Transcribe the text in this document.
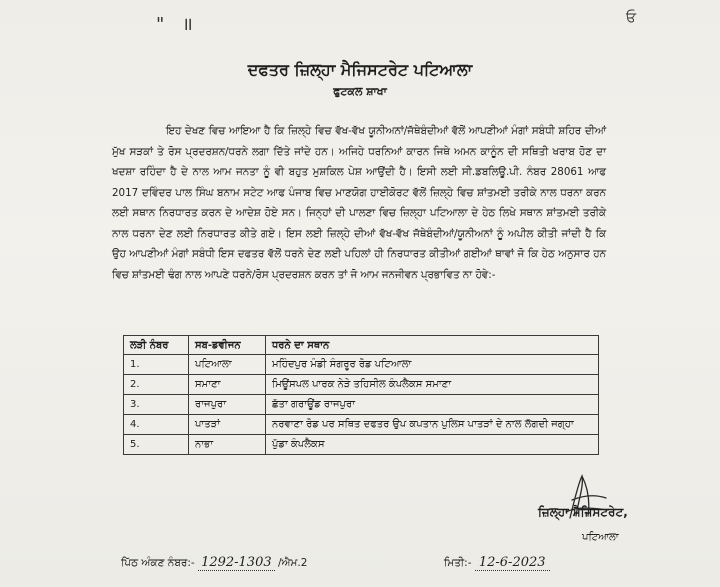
" ॥	ਓ
ਦਫਤਰ ਜ਼ਿਲ੍ਹਾ ਮੈਜਿਸਟਰੇਟ ਪਟਿਆਲਾ
ਫੁਟਕਲ ਸ਼ਾਖਾ
ਇਹ ਦੇਖਣ ਵਿਚ ਆਇਆ ਹੈ ਕਿ ਜ਼ਿਲ੍ਹੇ ਵਿਚ ਵੱਖ-ਵੱਖ ਯੂਨੀਅਨਾਂ/ਜੱਥੇਬੰਦੀਆਂ ਵੱਲੋਂ ਆਪਣੀਆਂ ਮੰਗਾਂ ਸਬੰਧੀ ਸ਼ਹਿਰ ਦੀਆਂ ਮੁੱਖ ਸੜਕਾਂ ਤੇ ਰੋਸ ਪ੍ਰਦਰਸ਼ਨ/ਧਰਨੇ ਲਗਾ ਦਿੱਤੇ ਜਾਂਦੇ ਹਨ। ਅਜਿਹੇ ਧਰਨਿਆਂ ਕਾਰਨ ਜਿਥੇ ਅਮਨ ਕਾਨੂੰਨ ਦੀ ਸਥਿਤੀ ਖਰਾਬ ਹੋਣ ਦਾ ਖਦਸ਼ਾ ਰਹਿੰਦਾ ਹੈ ਦੇ ਨਾਲ ਆਮ ਜਨਤਾ ਨੂੰ ਵੀ ਬਹੁਤ ਮੁਸ਼ਕਿਲ ਪੇਸ਼ ਆਉਂਦੀ ਹੈ। ਇਸੀ ਲਈ ਸੀ.ਡਬਲਿਊ.ਪੀ. ਨੰਬਰ 28061 ਆਫ 2017 ਦਵਿੰਦਰ ਪਾਲ ਸਿੰਘ ਬਨਾਮ ਸਟੇਟ ਆਫ ਪੰਜਾਬ ਵਿਚ ਮਾਣਯੋਗ ਹਾਈਕੋਰਟ ਵੱਲੋਂ ਜ਼ਿਲ੍ਹੇ ਵਿਚ ਸ਼ਾਂਤਮਈ ਤਰੀਕੇ ਨਾਲ ਧਰਨਾ ਕਰਨ ਲਈ ਸਥਾਨ ਨਿਰਧਾਰਤ ਕਰਨ ਦੇ ਆਦੇਸ਼ ਹੋਏ ਸਨ। ਜਿਨ੍ਹਾਂ ਦੀ ਪਾਲਣਾ ਵਿਚ ਜ਼ਿਲ੍ਹਾ ਪਟਿਆਲਾ ਦੇ ਹੇਠ ਲਿਖੇ ਸਥਾਨ ਸ਼ਾਂਤਮਈ ਤਰੀਕੇ ਨਾਲ ਧਰਨਾ ਦੇਣ ਲਈ ਨਿਰਧਾਰਤ ਕੀਤੇ ਗਏ। ਇਸ ਲਈ ਜ਼ਿਲ੍ਹੇ ਦੀਆਂ ਵੱਖ-ਵੱਖ ਜੱਥੇਬੰਦੀਆਂ/ਯੂਨੀਅਨਾਂ ਨੂੰ ਅਪੀਲ ਕੀਤੀ ਜਾਂਦੀ ਹੈ ਕਿ ਉਹ ਆਪਣੀਆਂ ਮੰਗਾਂ ਸਬੰਧੀ ਇਸ ਦਫਤਰ ਵੱਲੋਂ ਧਰਨੇ ਦੇਣ ਲਈ ਪਹਿਲਾਂ ਹੀ ਨਿਰਧਾਰਤ ਕੀਤੀਆਂ ਗਈਆਂ ਥਾਵਾਂ ਜੋ ਕਿ ਹੇਠ ਅਨੁਸਾਰ ਹਨ ਵਿਚ ਸ਼ਾਂਤਮਈ ਢੰਗ ਨਾਲ ਆਪਣੇ ਧਰਨੇ/ਰੋਸ ਪ੍ਰਦਰਸ਼ਨ ਕਰਨ ਤਾਂ ਜੋ ਆਮ ਜਨਜੀਵਨ ਪ੍ਰਭਾਵਿਤ ਨਾ ਹੋਵੇ:-
ਲੜੀ ਨੰਬਰ	ਸਬ-ਡਵੀਜਨ	ਧਰਨੇ ਦਾ ਸਥਾਨ
1.	ਪਟਿਆਲਾ	ਮਹਿੰਦਪੁਰ ਮੰਡੀ ਸੰਗਰੂਰ ਰੋਡ ਪਟਿਆਲਾ
2.	ਸਮਾਣਾ	ਮਿਊਂਸਪਲ ਪਾਰਕ ਨੇੜੇ ਤਹਿਸੀਲ ਕੰਪਲੈਕਸ ਸਮਾਣਾ
3.	ਰਾਜਪੁਰਾ	ਛੱਤਾ ਗਰਾਊਂਡ ਰਾਜਪੁਰਾ
4.	ਪਾਤੜਾਂ	ਨਰਵਾਣਾ ਰੋਡ ਪਰ ਸਥਿਤ ਦਫਤਰ ਉਪ ਕਪਤਾਨ ਪੁਲਿਸ ਪਾਤੜਾਂ ਦੇ ਨਾਲ ਲੱਗਦੀ ਜਗ੍ਹਾ
5.	ਨਾਭਾ	ਪੁੱਡਾ ਕੰਪਲੈਕਸ
ਜ਼ਿਲ੍ਹਾ ਮੈਜਿਸਟਰੇਟ,
ਪਟਿਆਲਾ
ਪਿੱਠ ਅੰਕਣ ਨੰਬਰ:- 1292-1303 /ਐਮ.2	ਮਿਤੀ:- 12-6-2023
